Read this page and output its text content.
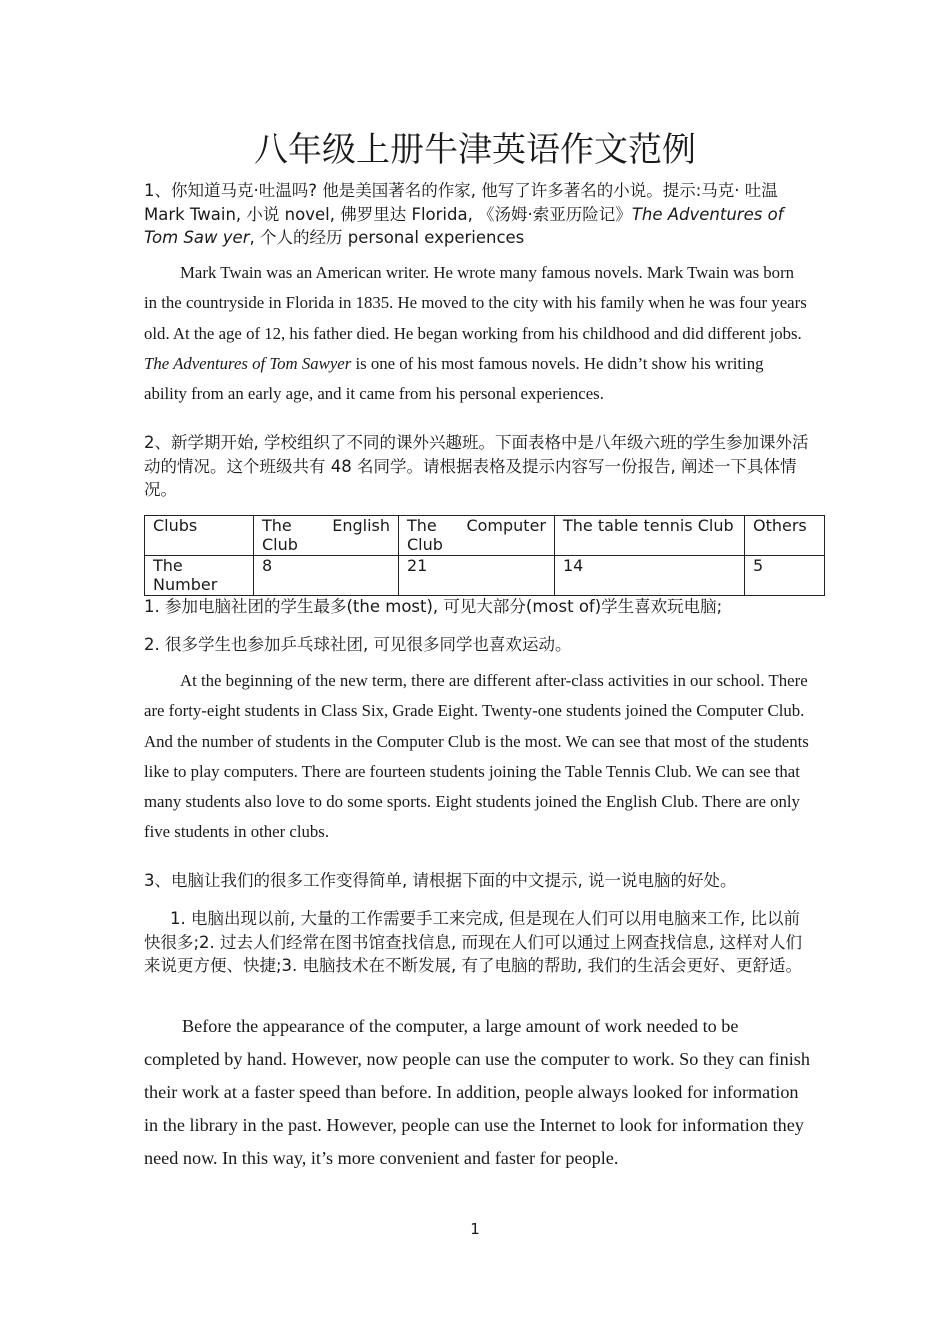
八年级上册牛津英语作文范例
1、你知道马克·吐温吗? 他是美国著名的作家, 他写了许多著名的小说。提示:马克· 吐温 Mark Twain, 小说 novel, 佛罗里达 Florida, 《汤姆·索亚历险记》The Adventures of Tom Saw yer, 个人的经历 personal experiences
Mark Twain was an American writer. He wrote many famous novels. Mark Twain was born in the countryside in Florida in 1835. He moved to the city with his family when he was four years old. At the age of 12, his father died. He began working from his childhood and did different jobs. The Adventures of Tom Sawyer is one of his most famous novels. He didn’t show his writing ability from an early age, and it came from his personal experiences.
2、新学期开始, 学校组织了不同的课外兴趣班。下面表格中是八年级六班的学生参加课外活动的情况。这个班级共有 48 名同学。请根据表格及提示内容写一份报告, 阐述一下具体情况。
Clubs	The English Club	The Computer Club	The table tennis Club	Others
The Number	8	21	14	5
1. 参加电脑社团的学生最多(the most), 可见大部分(most of)学生喜欢玩电脑;
2. 很多学生也参加乒乓球社团, 可见很多同学也喜欢运动。
At the beginning of the new term, there are different after-class activities in our school. There are forty-eight students in Class Six, Grade Eight. Twenty-one students joined the Computer Club. And the number of students in the Computer Club is the most. We can see that most of the students like to play computers. There are fourteen students joining the Table Tennis Club. We can see that many students also love to do some sports. Eight students joined the English Club. There are only five students in other clubs.
3、电脑让我们的很多工作变得简单, 请根据下面的中文提示, 说一说电脑的好处。
1. 电脑出现以前, 大量的工作需要手工来完成, 但是现在人们可以用电脑来工作, 比以前快很多;2. 过去人们经常在图书馆查找信息, 而现在人们可以通过上网查找信息, 这样对人们来说更方便、快捷;3. 电脑技术在不断发展, 有了电脑的帮助, 我们的生活会更好、更舒适。
Before the appearance of the computer, a large amount of work needed to be completed by hand. However, now people can use the computer to work. So they can finish their work at a faster speed than before. In addition, people always looked for information in the library in the past. However, people can use the Internet to look for information they need now. In this way, it’s more convenient and faster for people.
1
